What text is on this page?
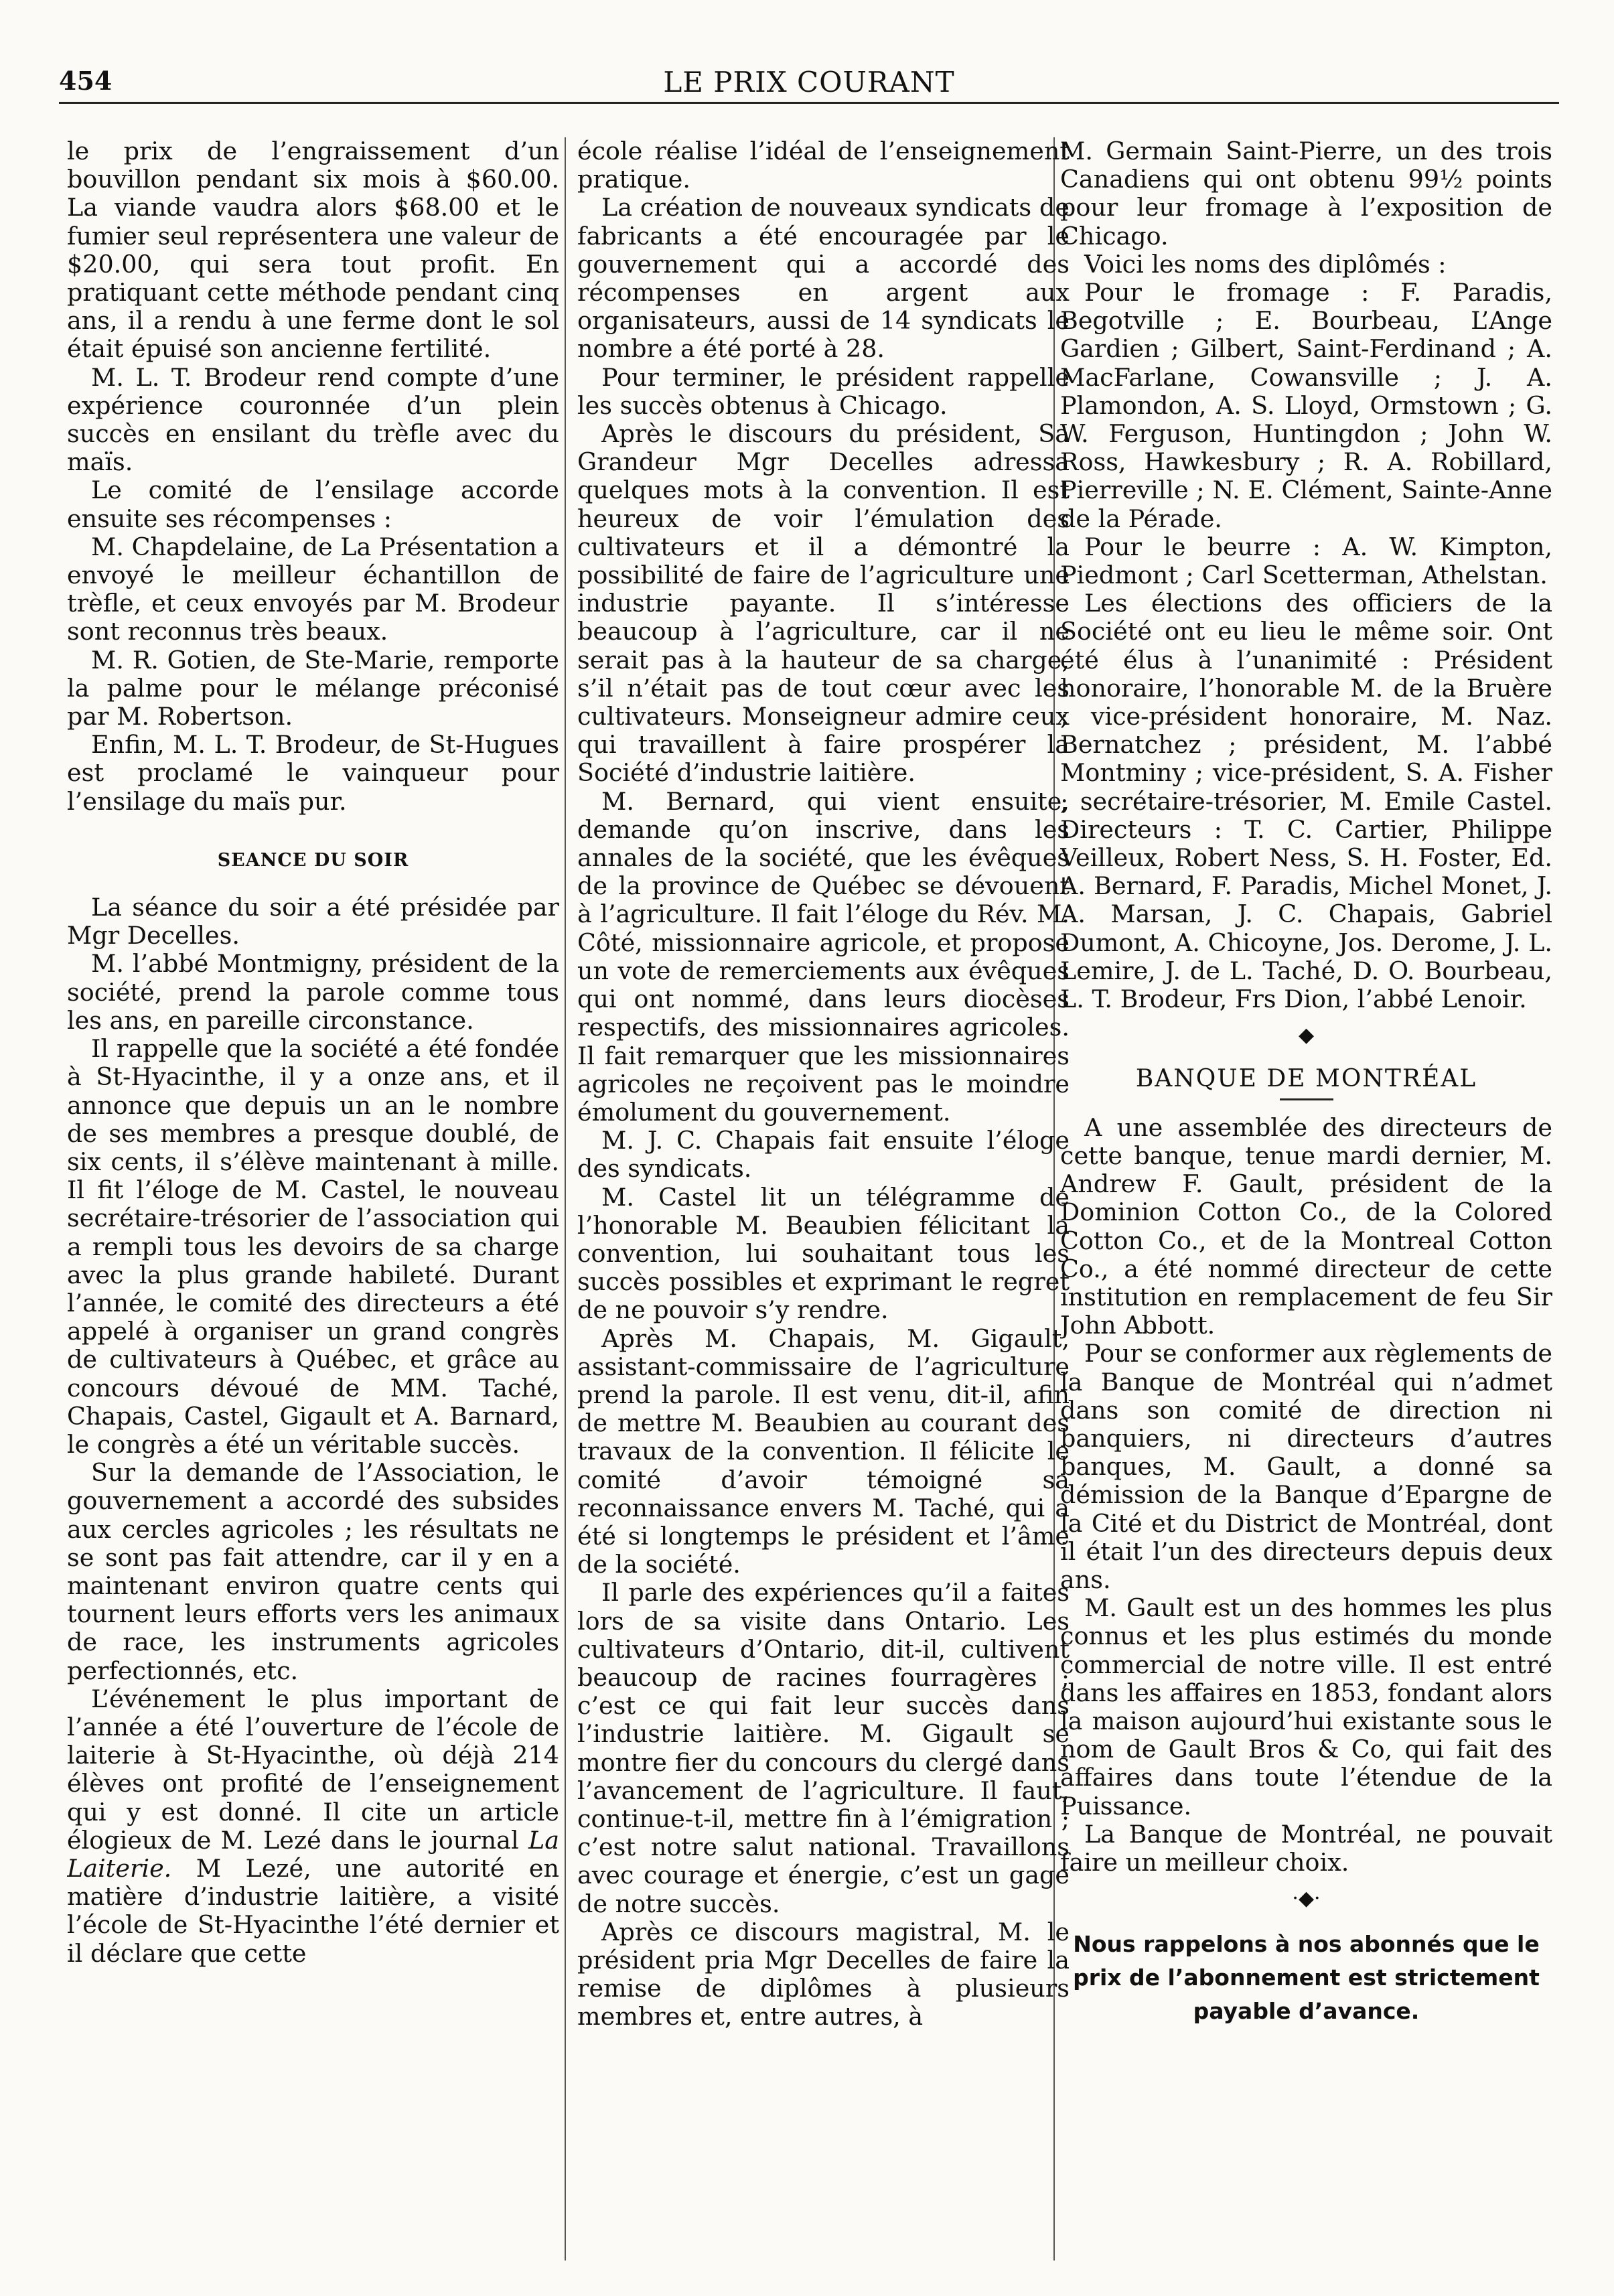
454	LE PRIX COURANT

le prix de l’engraissement d’un bouvillon pendant six mois à $60.00. La viande vaudra alors $68.00 et le fumier seul représentera une valeur de $20.00, qui sera tout profit. En pratiquant cette méthode pendant cinq ans, il a rendu à une ferme dont le sol était épuisé son ancienne fertilité.

M. L. T. Brodeur rend compte d’une expérience couronnée d’un plein succès en ensilant du trèfle avec du maïs.

Le comité de l’ensilage accorde ensuite ses récompenses :

M. Chapdelaine, de La Présentation a envoyé le meilleur échantillon de trèfle, et ceux envoyés par M. Brodeur sont reconnus très beaux.

M. R. Gotien, de Ste-Marie, remporte la palme pour le mélange préconisé par M. Robertson.

Enfin, M. L. T. Brodeur, de St-Hugues est proclamé le vainqueur pour l’ensilage du maïs pur.

SEANCE DU SOIR

La séance du soir a été présidée par Mgr Decelles.

M. l’abbé Montmigny, président de la société, prend la parole comme tous les ans, en pareille circonstance.

Il rappelle que la société a été fondée à St-Hyacinthe, il y a onze ans, et il annonce que depuis un an le nombre de ses membres a presque doublé, de six cents, il s’élève maintenant à mille. Il fit l’éloge de M. Castel, le nouveau secrétaire-trésorier de l’association qui a rempli tous les devoirs de sa charge avec la plus grande habileté. Durant l’année, le comité des directeurs a été appelé à organiser un grand congrès de cultivateurs à Québec, et grâce au concours dévoué de MM. Taché, Chapais, Castel, Gigault et A. Barnard, le congrès a été un véritable succès.

Sur la demande de l’Association, le gouvernement a accordé des subsides aux cercles agricoles ; les résultats ne se sont pas fait attendre, car il y en a maintenant environ quatre cents qui tournent leurs efforts vers les animaux de race, les instruments agricoles perfectionnés, etc.

L’événement le plus important de l’année a été l’ouverture de l’école de laiterie à St-Hyacinthe, où déjà 214 élèves ont profité de l’enseignement qui y est donné. Il cite un article élogieux de M. Lezé dans le journal La Laiterie. M Lezé, une autorité en matière d’industrie laitière, a visité l’école de St-Hyacinthe l’été dernier et il déclare que cette

école réalise l’idéal de l’enseignement pratique.

La création de nouveaux syndicats de fabricants a été encouragée par le gouvernement qui a accordé des récompenses en argent aux organisateurs, aussi de 14 syndicats le nombre a été porté à 28.

Pour terminer, le président rappelle les succès obtenus à Chicago.

Après le discours du président, Sa Grandeur Mgr Decelles adressa quelques mots à la convention. Il est heureux de voir l’émulation des cultivateurs et il a démontré la possibilité de faire de l’agriculture une industrie payante. Il s’intéresse beaucoup à l’agriculture, car il ne serait pas à la hauteur de sa charge, s’il n’était pas de tout cœur avec les cultivateurs. Monseigneur admire ceux qui travaillent à faire prospérer la Société d’industrie laitière.

M. Bernard, qui vient ensuite, demande qu’on inscrive, dans les annales de la société, que les évêques de la province de Québec se dévouent à l’agriculture. Il fait l’éloge du Rév. M. Côté, missionnaire agricole, et propose un vote de remerciements aux évêques qui ont nommé, dans leurs diocèses respectifs, des missionnaires agricoles. Il fait remarquer que les missionnaires agricoles ne reçoivent pas le moindre émolument du gouvernement.

M. J. C. Chapais fait ensuite l’éloge des syndicats.

M. Castel lit un télégramme de l’honorable M. Beaubien félicitant la convention, lui souhaitant tous les succès possibles et exprimant le regret de ne pouvoir s’y rendre.

Après M. Chapais, M. Gigault, assistant-commissaire de l’agriculture prend la parole. Il est venu, dit-il, afin de mettre M. Beaubien au courant des travaux de la convention. Il félicite le comité d’avoir témoigné sa reconnaissance envers M. Taché, qui a été si longtemps le président et l’âme de la société.

Il parle des expériences qu’il a faites lors de sa visite dans Ontario. Les cultivateurs d’Ontario, dit-il, cultivent beaucoup de racines fourragères ; c’est ce qui fait leur succès dans l’industrie laitière. M. Gigault se montre fier du concours du clergé dans l’avancement de l’agriculture. Il faut, continue-t-il, mettre fin à l’émigration ; c’est notre salut national. Travaillons avec courage et énergie, c’est un gage de notre succès.

Après ce discours magistral, M. le président pria Mgr Decelles de faire la remise de diplômes à plusieurs membres et, entre autres, à

M. Germain Saint-Pierre, un des trois Canadiens qui ont obtenu 99½ points pour leur fromage à l’exposition de Chicago.

Voici les noms des diplômés :

Pour le fromage : F. Paradis, Begotville ; E. Bourbeau, L’Ange Gardien ; Gilbert, Saint-Ferdinand ; A. MacFarlane, Cowansville ; J. A. Plamondon, A. S. Lloyd, Ormstown ; G. W. Ferguson, Huntingdon ; John W. Ross, Hawkesbury ; R. A. Robillard, Pierreville ; N. E. Clément, Sainte-Anne de la Pérade.

Pour le beurre : A. W. Kimpton, Piedmont ; Carl Scetterman, Athelstan.

Les élections des officiers de la Société ont eu lieu le même soir. Ont été élus à l’unanimité : Président honoraire, l’honorable M. de la Bruère ; vice-président honoraire, M. Naz. Bernatchez ; président, M. l’abbé Montminy ; vice-président, S. A. Fisher ; secrétaire-trésorier, M. Emile Castel. Directeurs : T. C. Cartier, Philippe Veilleux, Robert Ness, S. H. Foster, Ed. A. Bernard, F. Paradis, Michel Monet, J. A. Marsan, J. C. Chapais, Gabriel Dumont, A. Chicoyne, Jos. Derome, J. L. Lemire, J. de L. Taché, D. O. Bourbeau, L. T. Brodeur, Frs Dion, l’abbé Lenoir.

◆

BANQUE DE MONTRÉAL

A une assemblée des directeurs de cette banque, tenue mardi dernier, M. Andrew F. Gault, président de la Dominion Cotton Co., de la Colored Cotton Co., et de la Montreal Cotton Co., a été nommé directeur de cette institution en remplacement de feu Sir John Abbott.

Pour se conformer aux règlements de la Banque de Montréal qui n’admet dans son comité de direction ni banquiers, ni directeurs d’autres banques, M. Gault, a donné sa démission de la Banque d’Epargne de la Cité et du District de Montréal, dont il était l’un des directeurs depuis deux ans.

M. Gault est un des hommes les plus connus et les plus estimés du monde commercial de notre ville. Il est entré dans les affaires en 1853, fondant alors la maison aujourd’hui existante sous le nom de Gault Bros & Co, qui fait des affaires dans toute l’étendue de la Puissance.

La Banque de Montréal, ne pouvait faire un meilleur choix.

·◆·

Nous rappelons à nos abonnés que le prix de l’abonnement est strictement payable d’avance.
